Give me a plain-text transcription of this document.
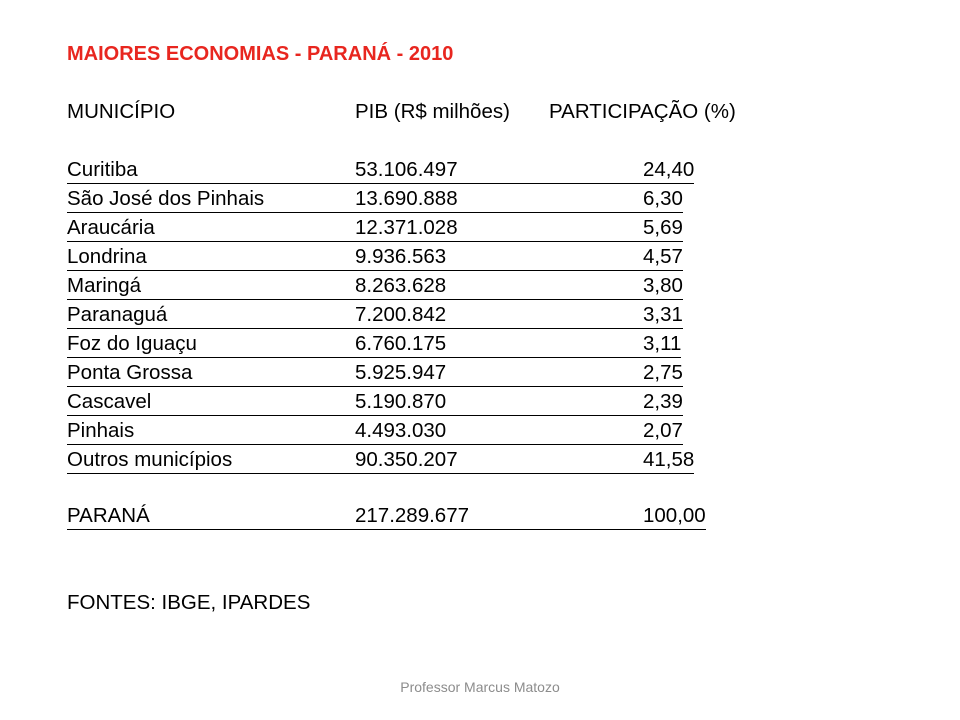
MAIORES ECONOMIAS - PARANÁ - 2010
MUNICÍPIO	PIB (R$ milhões) PARTICIPAÇÃO (%)
Curitiba	53.106.497	24,40
São José dos Pinhais	13.690.888	6,30
Araucária	12.371.028	5,69
Londrina	9.936.563	4,57
Maringá	8.263.628	3,80
Paranaguá	7.200.842	3,31
Foz do Iguaçu	6.760.175	3,11
Ponta Grossa	5.925.947	2,75
Cascavel	5.190.870	2,39
Pinhais	4.493.030	2,07
Outros municípios	90.350.207	41,58
PARANÁ	217.289.677	100,00
FONTES: IBGE, IPARDES
Professor Marcus Matozo
